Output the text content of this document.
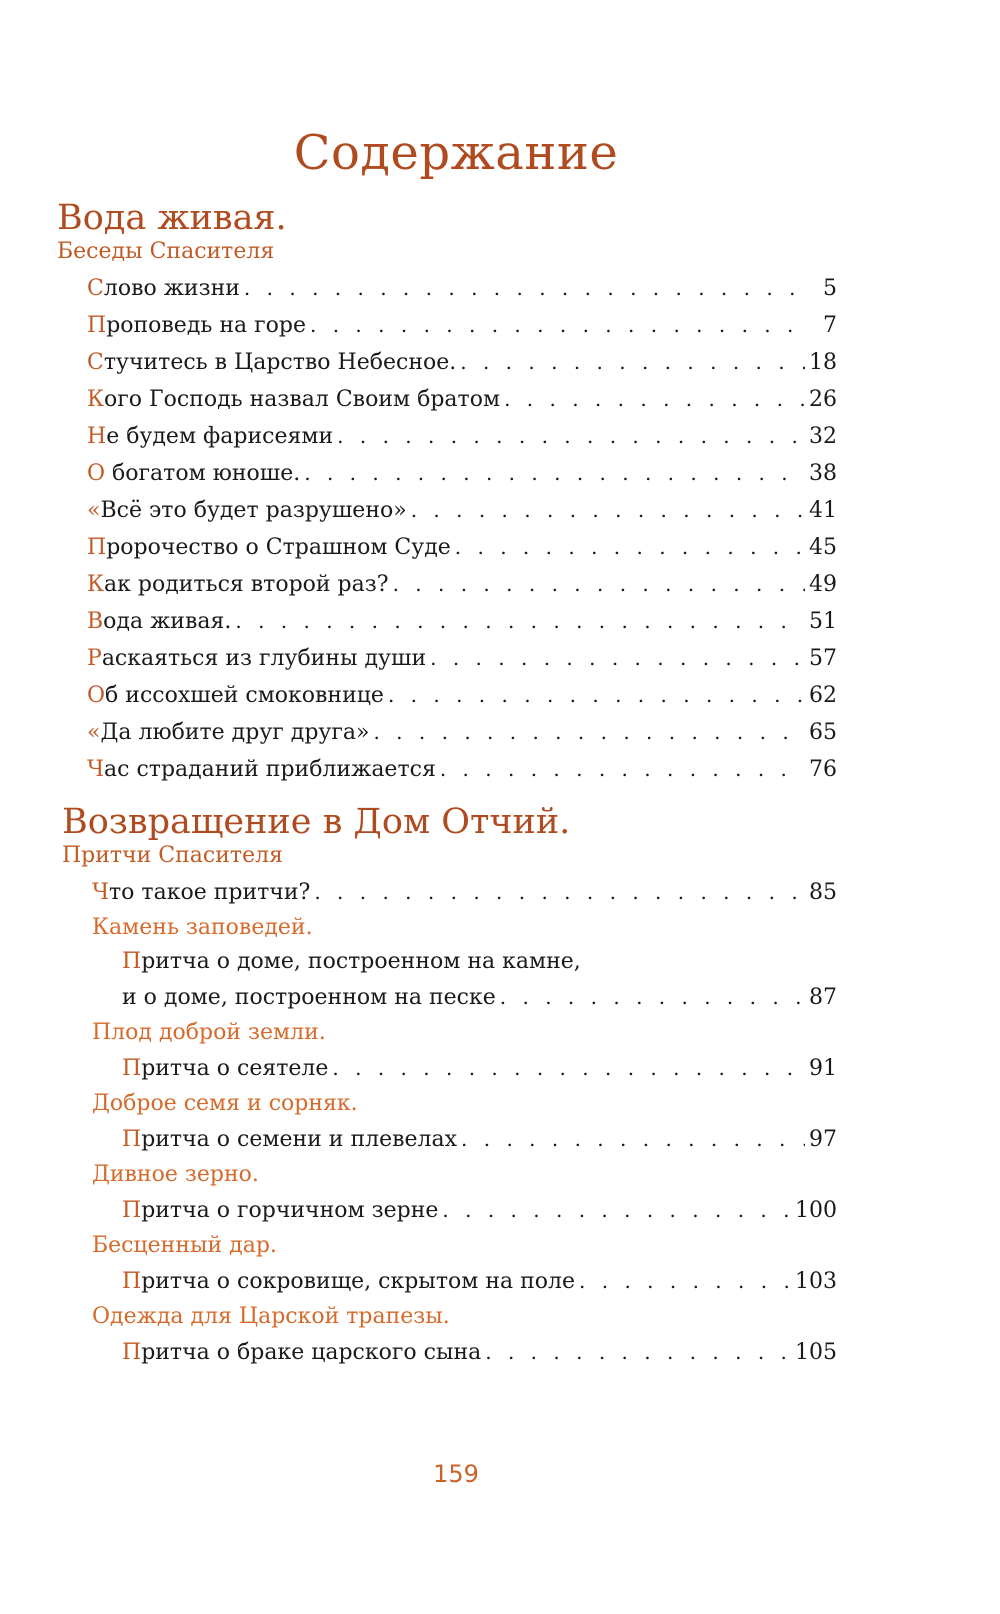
Содержание
Вода живая.
Беседы Спасителя
Слово жизни . . .	5
Проповедь на горе . . .	7
Стучитесь в Царство Небесное. . . .	18
Кого Господь назвал Своим братом . . .	26
Не будем фарисеями . . .	32
О богатом юноше. . . .	38
«Всё это будет разрушено» . . .	41
Пророчество о Страшном Суде . . .	45
Как родиться второй раз? . . .	49
Вода живая. . . .	51
Раскаяться из глубины души . . .	57
Об иссохшей смоковнице . . .	62
«Да любите друг друга» . . .	65
Час страданий приближается . . .	76
Возвращение в Дом Отчий.
Притчи Спасителя
Что такое притчи? . . .	85
Камень заповедей.
Притча о доме, построенном на камне,
и о доме, построенном на песке . . .	87
Плод доброй земли.
Притча о сеятеле . . .	91
Доброе семя и сорняк.
Притча о семени и плевелах . . .	97
Дивное зерно.
Притча о горчичном зерне . . .	100
Бесценный дар.
Притча о сокровище, скрытом на поле . . .	103
Одежда для Царской трапезы.
Притча о браке царского сына . . .	105
159
